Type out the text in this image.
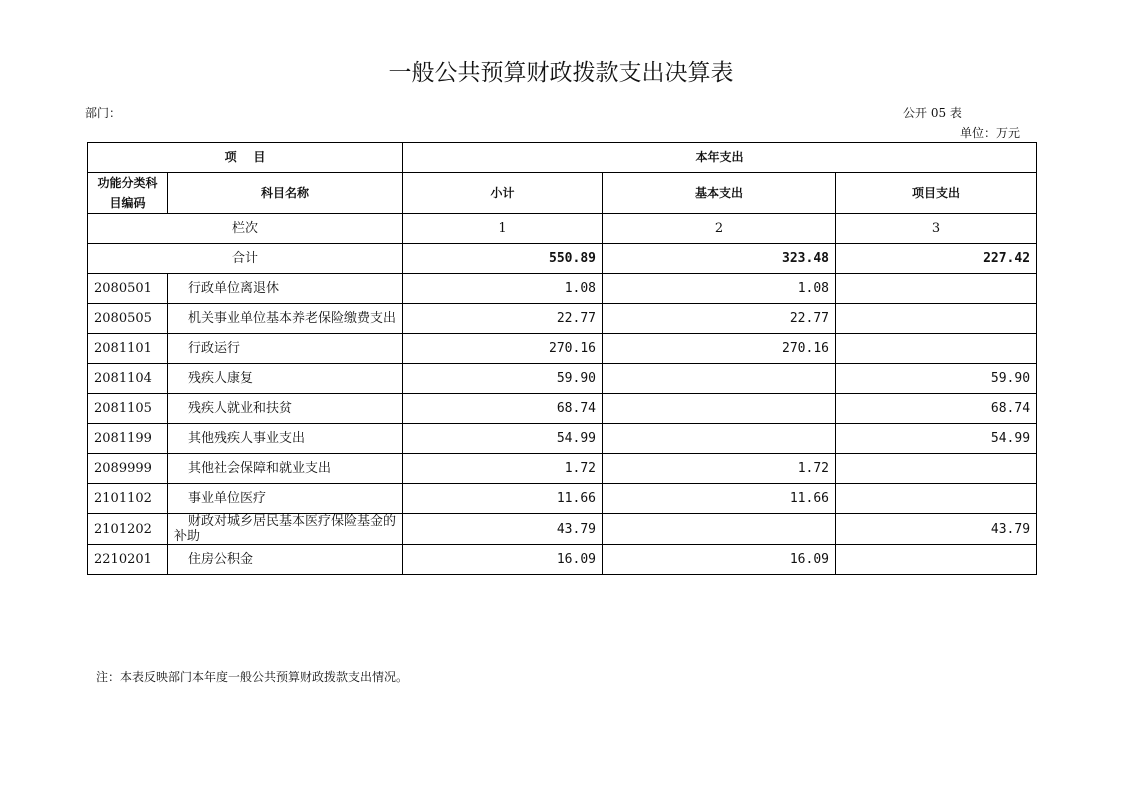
一般公共预算财政拨款支出决算表
部门：	公开 05 表
单位：万元
项    目		本年支出		

功能分类科目编码	科目名称	小计	基本支出	项目支出
栏次		1	2	3
合计		550.89	323.48	227.42
2080501	行政单位离退休	1.08	1.08	
2080505	机关事业单位基本养老保险缴费支出	22.77	22.77	
2081101	行政运行	270.16	270.16	
2081104	残疾人康复	59.90		59.90
2081105	残疾人就业和扶贫	68.74		68.74
2081199	其他残疾人事业支出	54.99		54.99
2089999	其他社会保障和就业支出	1.72	1.72	
2101102	事业单位医疗	11.66	11.66	
2101202	财政对城乡居民基本医疗保险基金的补助	43.79		43.79
2210201	住房公积金	16.09	16.09	
注：本表反映部门本年度一般公共预算财政拨款支出情况。
